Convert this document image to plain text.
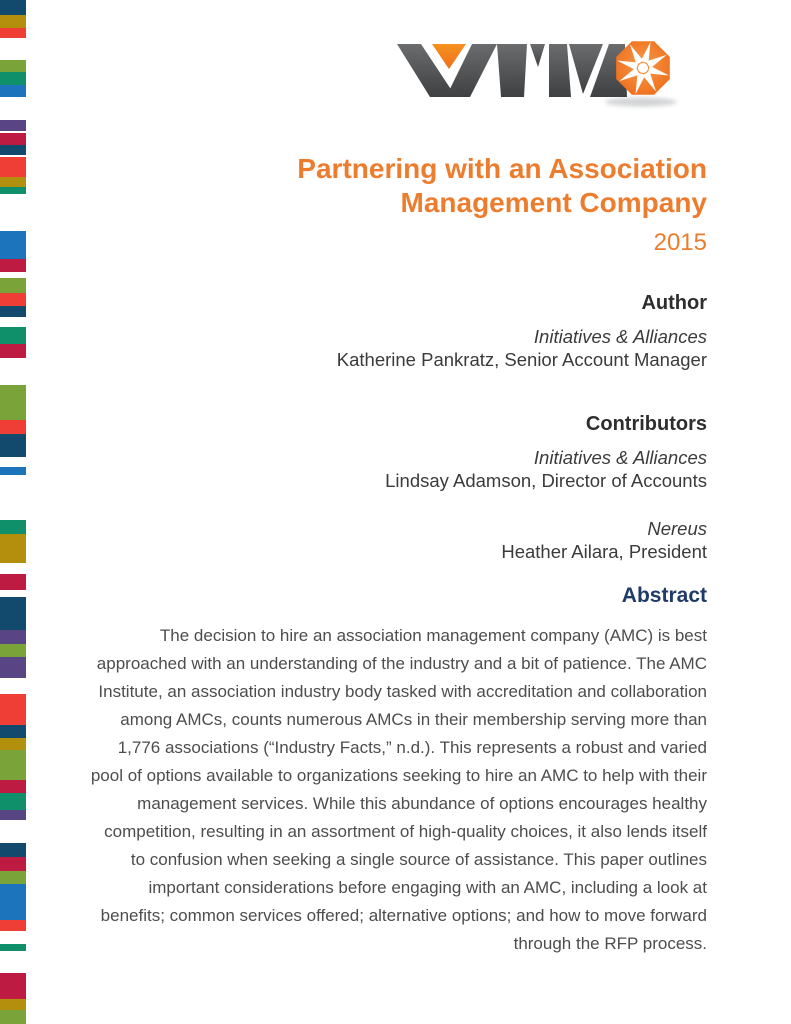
Partnering with an Association
Management Company
2015
Author
Initiatives & Alliances
Katherine Pankratz, Senior Account Manager
Contributors
Initiatives & Alliances
Lindsay Adamson, Director of Accounts
Nereus
Heather Ailara, President
Abstract
The decision to hire an association management company (AMC) is best approached with an understanding of the industry and a bit of patience. The AMC Institute, an association industry body tasked with accreditation and collaboration among AMCs, counts numerous AMCs in their membership serving more than 1,776 associations (“Industry Facts,” n.d.). This represents a robust and varied pool of options available to organizations seeking to hire an AMC to help with their management services. While this abundance of options encourages healthy competition, resulting in an assortment of high-quality choices, it also lends itself to confusion when seeking a single source of assistance. This paper outlines important considerations before engaging with an AMC, including a look at benefits; common services offered; alternative options; and how to move forward through the RFP process.
